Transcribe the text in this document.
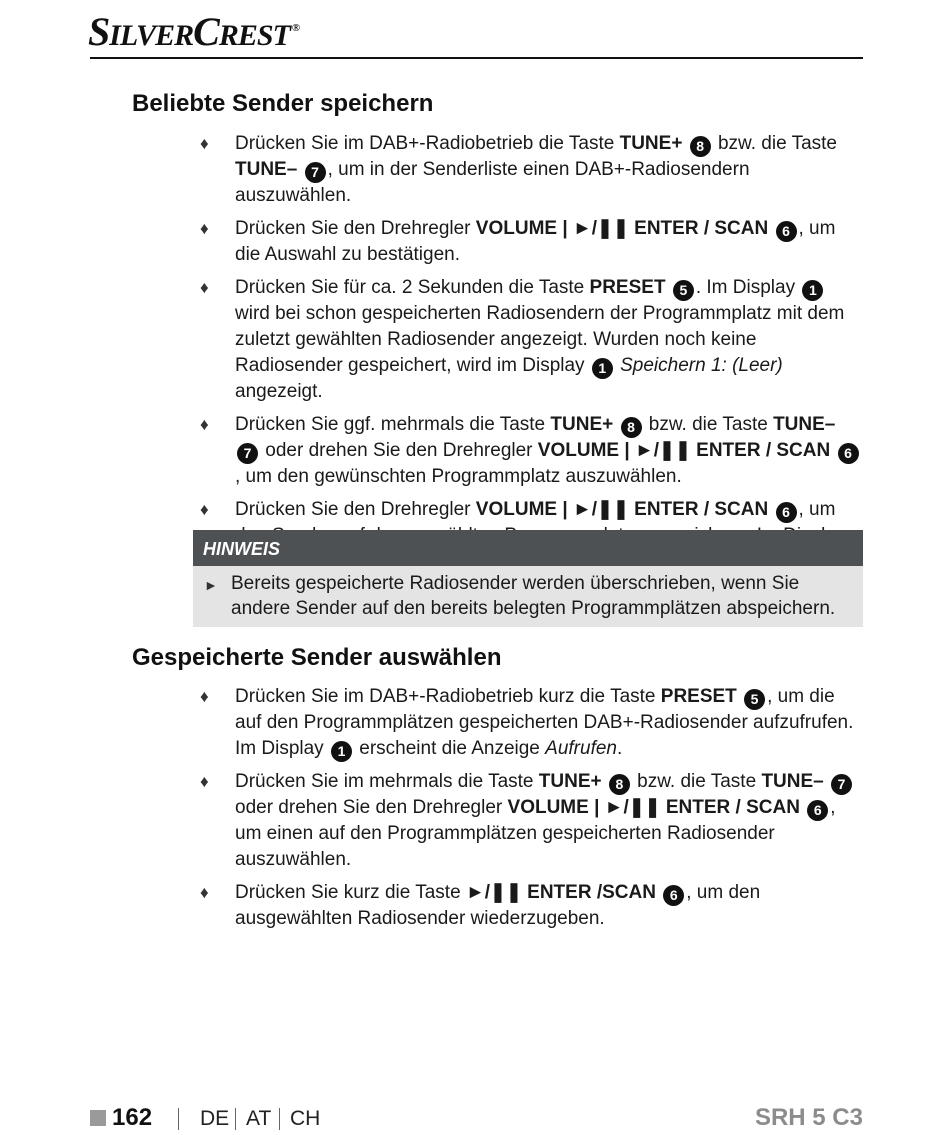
SILVERCREST ®
Beliebte Sender speichern
♦ Drücken Sie im DAB+-Radiobetrieb die Taste TUNE+ 8 bzw. die Taste TUNE– 7 , um in der Senderliste einen DAB+-Radiosendern auszuwählen.
♦ Drücken Sie den Drehregler VOLUME | ►/❚❚ ENTER / SCAN 6 , um die Auswahl zu bestätigen.
♦ Drücken Sie für ca. 2 Sekunden die Taste PRESET 5 . Im Display 1 wird bei schon gespeicherten Radiosendern der Programmplatz mit dem zuletzt gewählten Radiosender angezeigt. Wurden noch keine Radiosender gespeichert, wird im Display 1 Speichern 1: (Leer) angezeigt.
♦ Drücken Sie ggf. mehrmals die Taste TUNE+ 8 bzw. die Taste TUNE– 7 oder drehen Sie den Drehregler VOLUME | ►/❚❚ ENTER / SCAN 6, um den gewünschten Programmplatz auszuwählen.
♦ Drücken Sie den Drehregler VOLUME | ►/❚❚ ENTER / SCAN 6 , um
HINWEIS
► Bereits gespeicherte Radiosender werden überschrieben, wenn Sie andere Sender auf den bereits belegten Programmplätzen abspeichern.
Gespeicherte Sender auswählen
♦ Drücken Sie im DAB+-Radiobetrieb kurz die Taste PRESET 5 , um die auf den Programmplätzen gespeicherten DAB+-Radiosender aufzufrufen. Im Display 1 erscheint die Anzeige Aufrufen.
♦ Drücken Sie im mehrmals die Taste TUNE+ 8 bzw. die Taste TUNE– 7 oder drehen Sie den Drehregler VOLUME | ►/❚❚ ENTER / SCAN 6 , um einen auf den Programmplätzen gespeicherten Radiosender auszuwählen.
♦ Drücken Sie kurz die Taste ►/❚❚ ENTER /SCAN 6 , um den ausgewählten Radiosender wiederzugeben.
162 DE AT CH	SRH 5 C3
